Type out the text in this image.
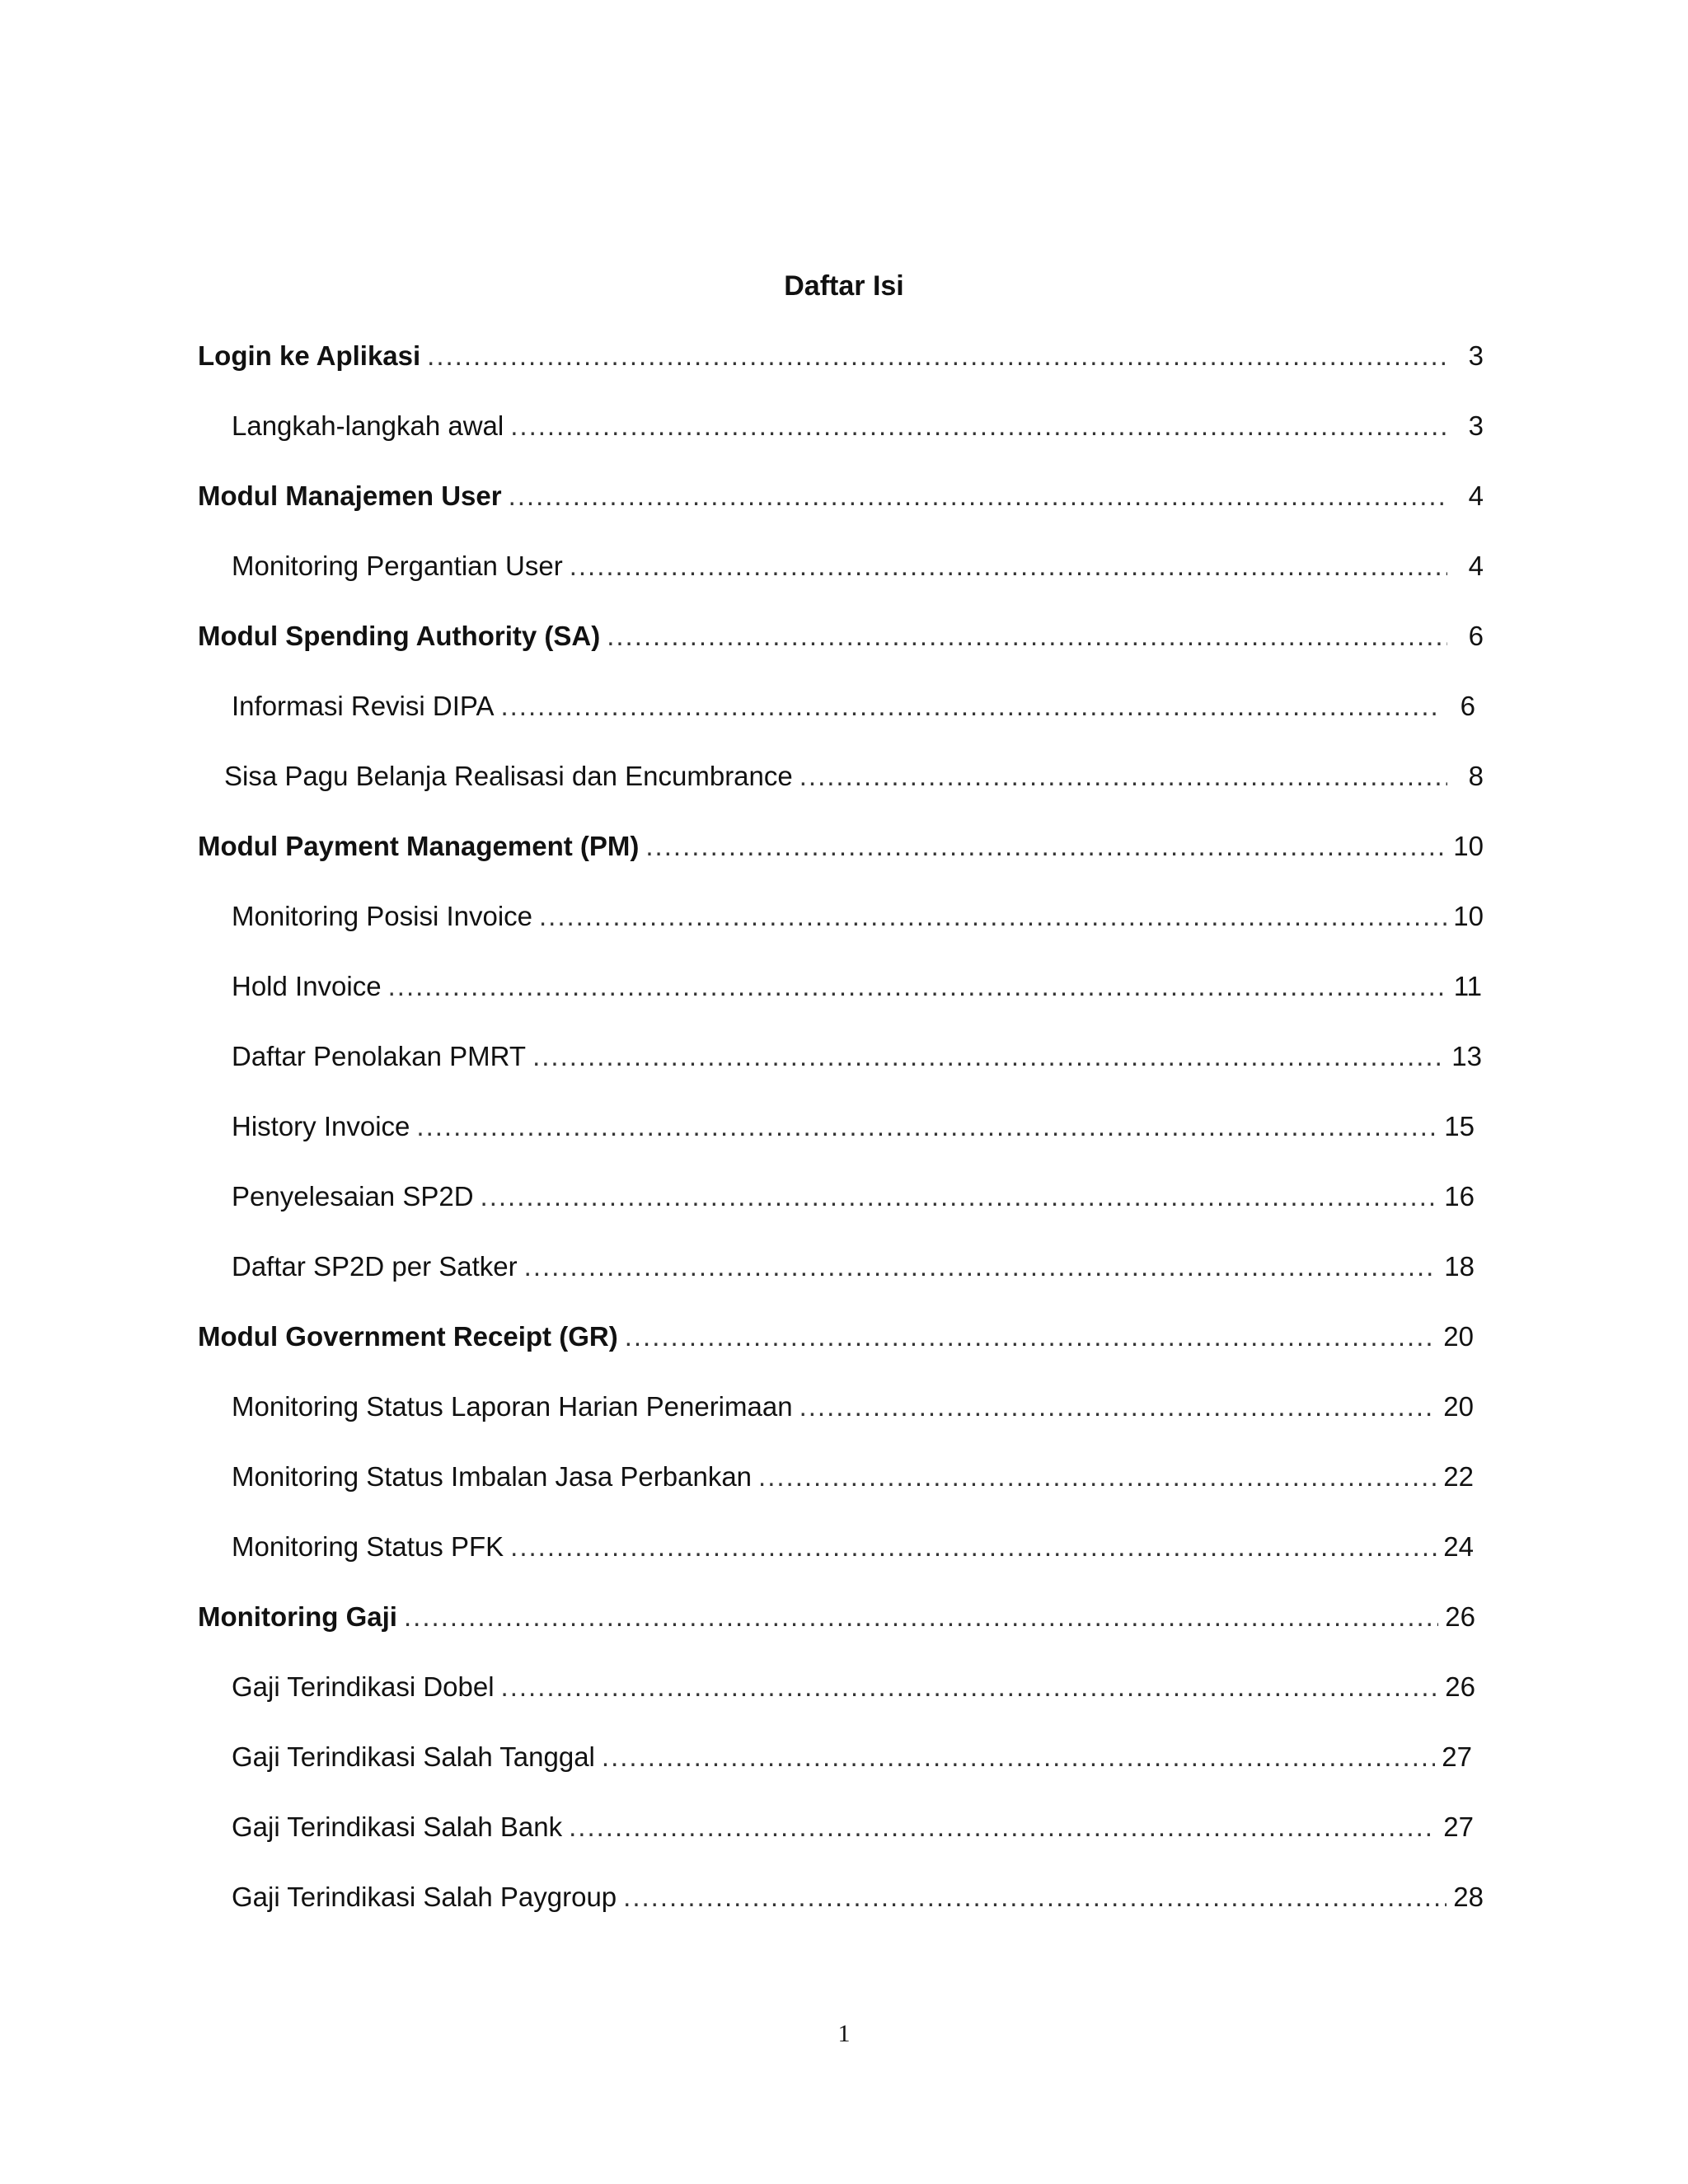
Daftar Isi
Login ke Aplikasi .....	3
Langkah-langkah awal .....	3
Modul Manajemen User .....	4
Monitoring Pergantian User .....	4
Modul Spending Authority (SA) .....	6
Informasi Revisi DIPA .....	6
Sisa Pagu Belanja Realisasi dan Encumbrance .....	8
Modul Payment Management (PM) .....	10
Monitoring Posisi Invoice .....	10
Hold Invoice .....	11
Daftar Penolakan PMRT .....	13
History Invoice .....	15
Penyelesaian SP2D .....	16
Daftar SP2D per Satker .....	18
Modul Government Receipt (GR) .....	20
Monitoring Status Laporan Harian Penerimaan .....	20
Monitoring Status Imbalan Jasa Perbankan .....	22
Monitoring Status PFK .....	24
Monitoring Gaji .....	26
Gaji Terindikasi Dobel .....	26
Gaji Terindikasi Salah Tanggal .....	27
Gaji Terindikasi Salah Bank .....	27
Gaji Terindikasi Salah Paygroup .....	28
1
